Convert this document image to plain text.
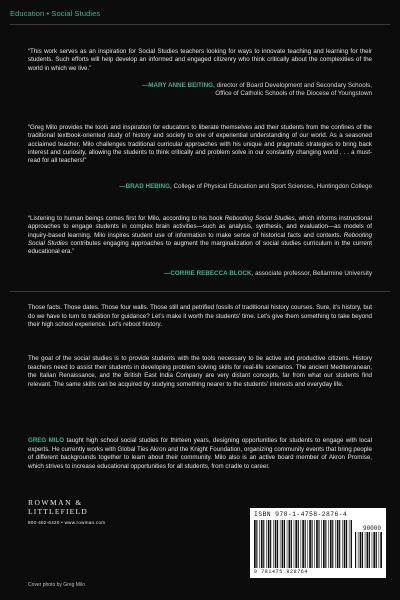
Education • Social Studies
“This work serves as an inspiration for Social Studies teachers looking for ways to innovate teaching and learning for their students. Such efforts will help develop an informed and engaged citizenry who think critically about the complexities of the world in which we live.”
—MARY ANNE BEITING, director of Board Development and Secondary Schools,
Office of Catholic Schools of the Diocese of Youngstown
“Greg Milo provides the tools and inspiration for educators to liberate themselves and their students from the confines of the traditional textbook-oriented study of history and society to one of experiential understanding of our world. As a seasoned acclaimed teacher, Milo challenges traditional curricular approaches with his unique and pragmatic strategies to bring back interest and curiosity, allowing the students to think critically and problem solve in our constantly changing world . . . a must-read for all teachers!”
—BRAD HEBING, College of Physical Education and Sport Sciences, Huntingdon College
“Listening to human beings comes first for Milo, according to his book Rebooting Social Studies, which informs instructional approaches to engage students in complex brain activities—such as analysis, synthesis, and evaluation—as models of inquiry-based learning. Milo inspires student use of information to make sense of historical facts and contexts. Rebooting Social Studies contributes engaging approaches to augment the marginalization of social studies curriculum in the current educational era.”
—CORRIE REBECCA BLOCK, associate professor, Bellarmine University
Those facts. Those dates. Those four walls. Those still and petrified fossils of traditional history courses. Sure, it’s history, but do we have to turn to tradition for guidance? Let’s make it worth the students’ time. Let’s give them something to take beyond their high school experience. Let’s reboot history.
The goal of the social studies is to provide students with the tools necessary to be active and productive citizens. History teachers need to assist their students in developing problem solving skills for real-life scenarios. The ancient Mediterranean, the Italian Renaissance, and the British East India Company are very distant concepts, far from what our students find relevant. The same skills can be acquired by studying something nearer to the students’ interests and everyday life.
GREG MILO taught high school social studies for thirteen years, designing opportunities for students to engage with local experts. He currently works with Global Ties Akron and the Knight Foundation, organizing community events that bring people of different backgrounds together to learn about their community. Milo also is an active board member of Akron Promise, which strives to increase educational opportunities for all students, from cradle to career.
ROWMAN &
LITTLEFIELD
800-462-6420 • www.rowman.com
Cover photo by Greg Milo
ISBN 978-1-4758-2876-4
90000
9 781475 828764
